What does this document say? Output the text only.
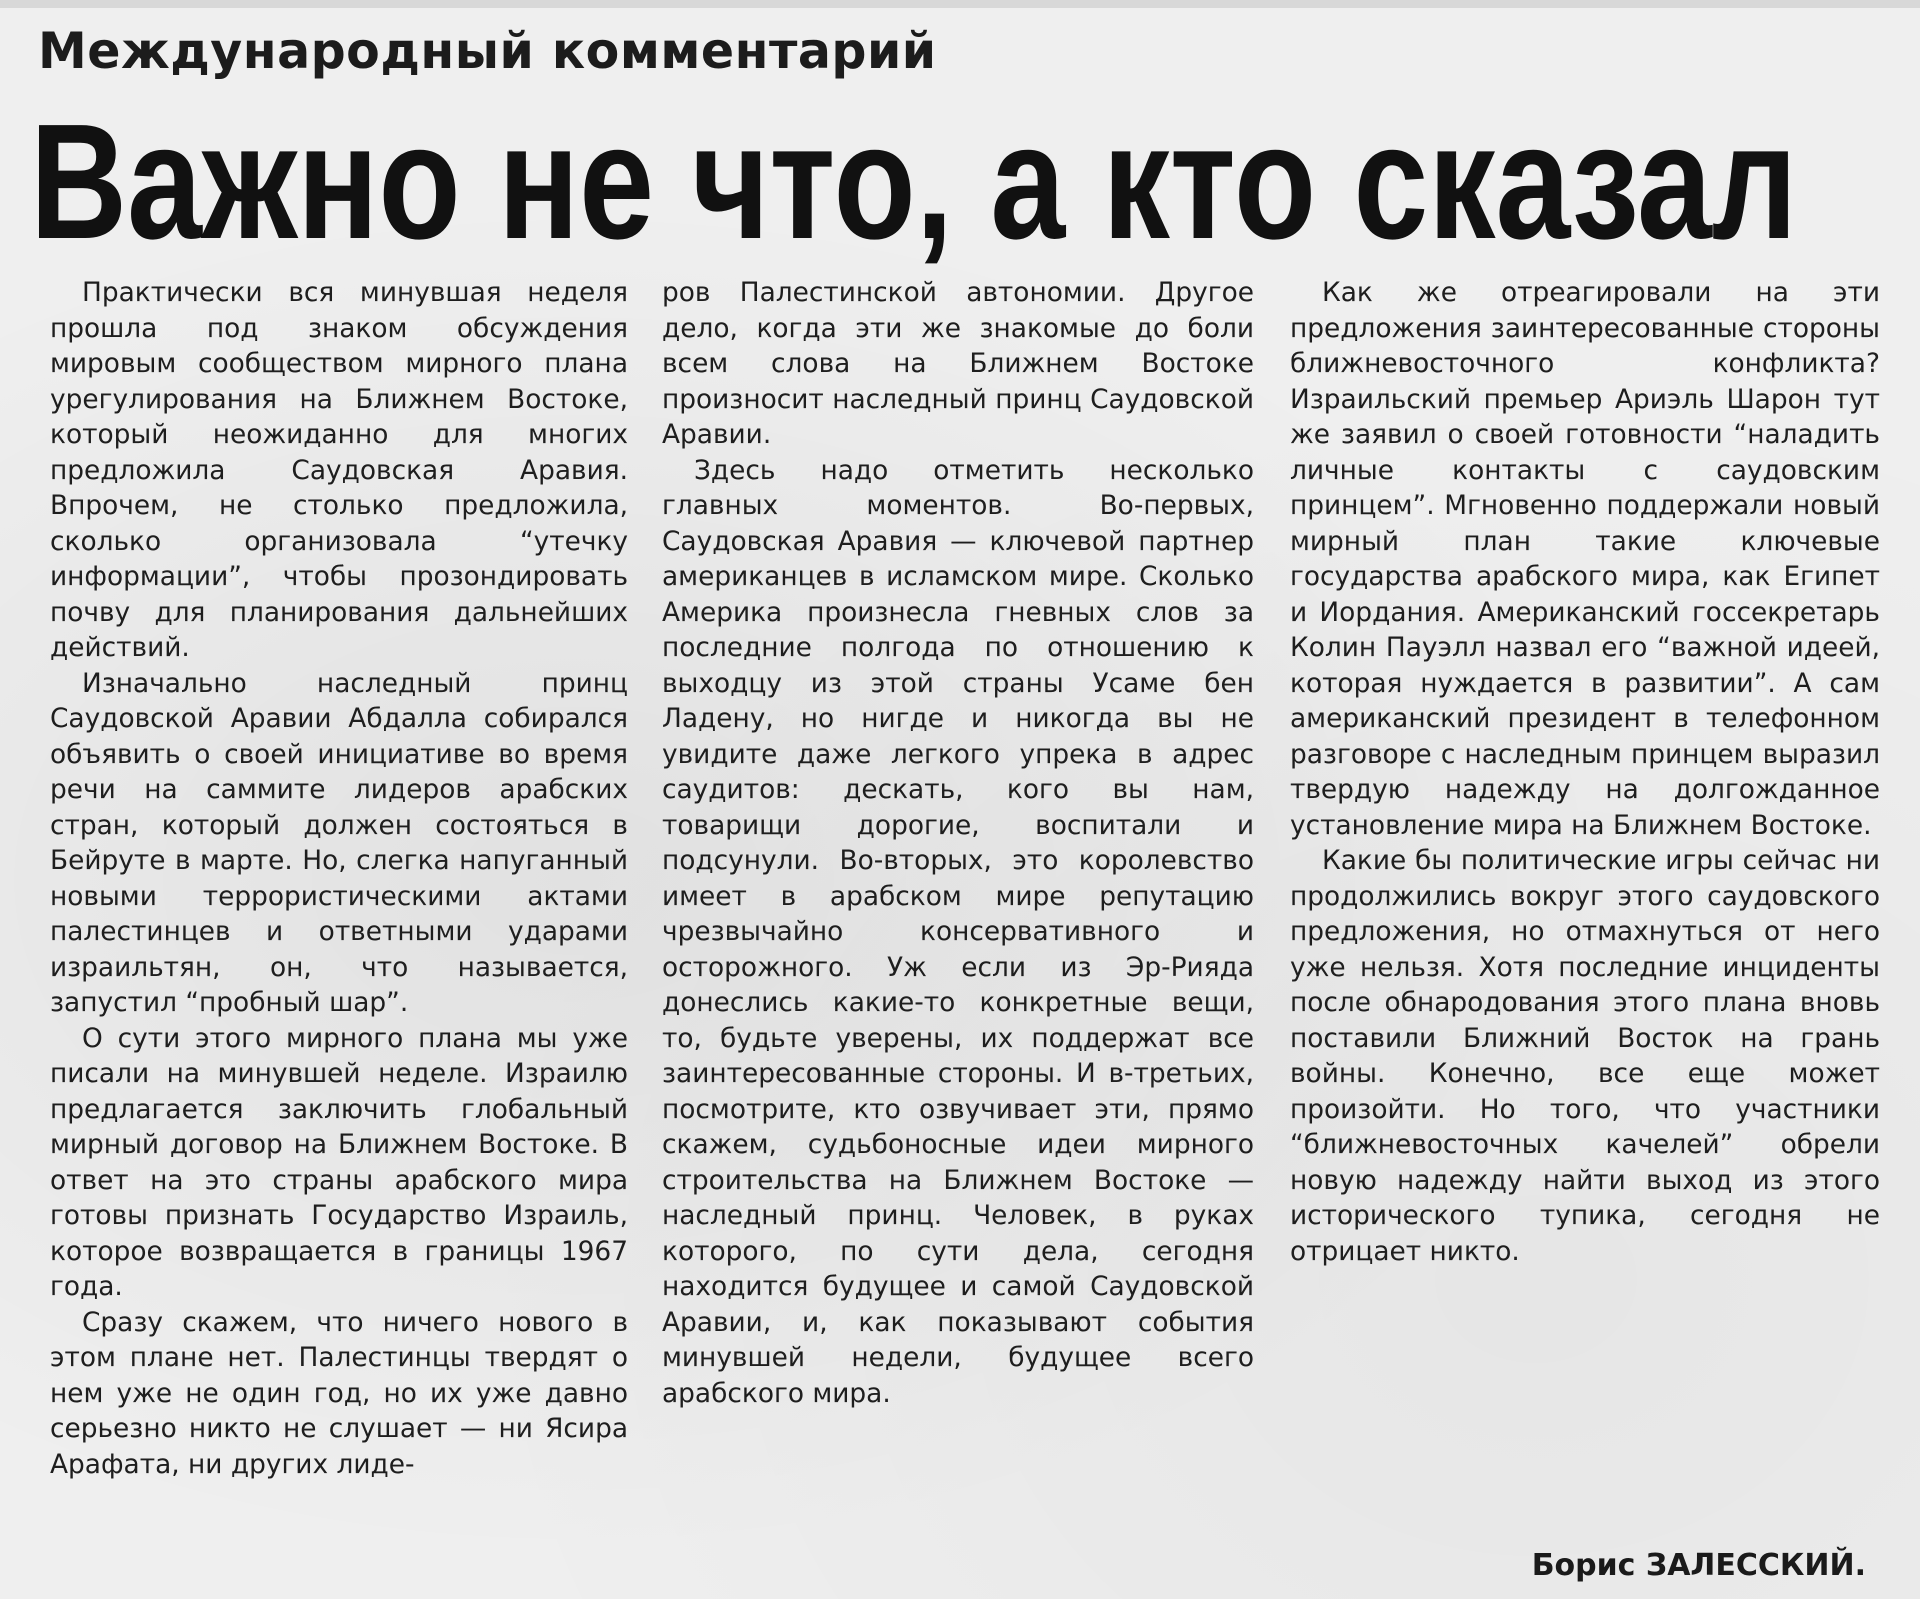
Международный комментарий
Важно не что, а кто сказал

Практически вся минувшая неделя прошла под знаком обсуждения мировым сообществом мирного плана урегулирования на Ближнем Востоке, который неожиданно для многих предложила Саудовская Аравия. Впрочем, не столько предложила, сколько организовала “утечку информации”, чтобы прозондировать почву для планирования дальнейших действий.

Изначально наследный принц Саудовской Аравии Абдалла собирался объявить о своей инициативе во время речи на саммите лидеров арабских стран, который должен состояться в Бейруте в марте. Но, слегка напуганный новыми террористическими актами палестинцев и ответными ударами израильтян, он, что называется, запустил “пробный шар”.

О сути этого мирного плана мы уже писали на минувшей неделе. Израилю предлагается заключить глобальный мирный договор на Ближнем Востоке. В ответ на это страны арабского мира готовы признать Государство Израиль, которое возвращается в границы 1967 года.

Сразу скажем, что ничего нового в этом плане нет. Палестинцы твердят о нем уже не один год, но их уже давно серьезно никто не слушает — ни Ясира Арафата, ни других лиде-

ров Палестинской автономии. Другое дело, когда эти же знакомые до боли всем слова на Ближнем Востоке произносит наследный принц Саудовской Аравии.

Здесь надо отметить несколько главных моментов. Во-первых, Саудовская Аравия — ключевой партнер американцев в исламском мире. Сколько Америка произнесла гневных слов за последние полгода по отношению к выходцу из этой страны Усаме бен Ладену, но нигде и никогда вы не увидите даже легкого упрека в адрес саудитов: дескать, кого вы нам, товарищи дорогие, воспитали и подсунули. Во-вторых, это королевство имеет в арабском мире репутацию чрезвычайно консервативного и осторожного. Уж если из Эр-Рияда донеслись какие-то конкретные вещи, то, будьте уверены, их поддержат все заинтересованные стороны. И в-третьих, посмотрите, кто озвучивает эти, прямо скажем, судьбоносные идеи мирного строительства на Ближнем Востоке — наследный принц. Человек, в руках которого, по сути дела, сегодня находится будущее и самой Саудовской Аравии, и, как показывают события минувшей недели, будущее всего арабского мира.

Как же отреагировали на эти предложения заинтересованные стороны ближневосточного конфликта? Израильский премьер Ариэль Шарон тут же заявил о своей готовности “наладить личные контакты с саудовским принцем”. Мгновенно поддержали новый мирный план такие ключевые государства арабского мира, как Египет и Иордания. Американский госсекретарь Колин Пауэлл назвал его “важной идеей, которая нуждается в развитии”. А сам американский президент в телефонном разговоре с наследным принцем выразил твердую надежду на долгожданное установление мира на Ближнем Востоке.

Какие бы политические игры сейчас ни продолжились вокруг этого саудовского предложения, но отмахнуться от него уже нельзя. Хотя последние инциденты после обнародования этого плана вновь поставили Ближний Восток на грань войны. Конечно, все еще может произойти. Но того, что участники “ближневосточных качелей” обрели новую надежду найти выход из этого исторического тупика, сегодня не отрицает никто.

Борис ЗАЛЕССКИЙ.
